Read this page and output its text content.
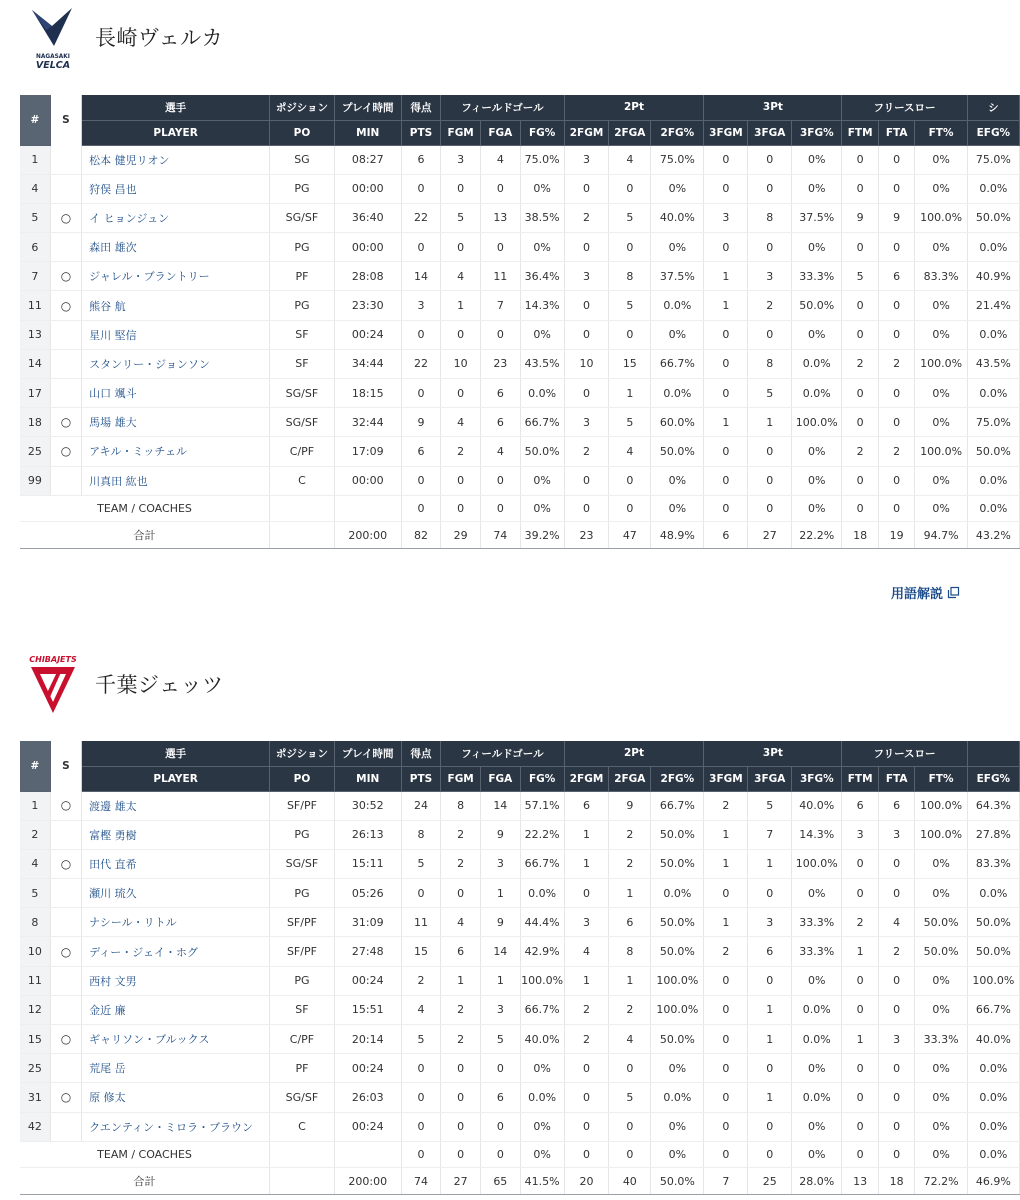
NAGASAKI
VELCA
長崎ヴェルカ
#	S	選手	ポジション	プレイ時間	得点	フィールドゴール			2Pt			3Pt			フリースロー			シ
		PLAYER	PO	MIN	PTS	FGM	FGA	FG%	2FGM	2FGA	2FG%	3FGM	3FGA	3FG%	FTM	FTA	FT%	EFG%
1		松本 健児リオン	SG	08:27	6	3	4	75.0%	3	4	75.0%	0	0	0%	0	0	0%	75.0%
4		狩俣 昌也	PG	00:00	0	0	0	0%	0	0	0%	0	0	0%	0	0	0%	0.0%
5	○	イ ヒョンジュン	SG/SF	36:40	22	5	13	38.5%	2	5	40.0%	3	8	37.5%	9	9	100.0%	50.0%
6		森田 雄次	PG	00:00	0	0	0	0%	0	0	0%	0	0	0%	0	0	0%	0.0%
7	○	ジャレル・ブラントリー	PF	28:08	14	4	11	36.4%	3	8	37.5%	1	3	33.3%	5	6	83.3%	40.9%
11	○	熊谷 航	PG	23:30	3	1	7	14.3%	0	5	0.0%	1	2	50.0%	0	0	0%	21.4%
13		星川 堅信	SF	00:24	0	0	0	0%	0	0	0%	0	0	0%	0	0	0%	0.0%
14		スタンリー・ジョンソン	SF	34:44	22	10	23	43.5%	10	15	66.7%	0	8	0.0%	2	2	100.0%	43.5%
17		山口 颯斗	SG/SF	18:15	0	0	6	0.0%	0	1	0.0%	0	5	0.0%	0	0	0%	0.0%
18	○	馬場 雄大	SG/SF	32:44	9	4	6	66.7%	3	5	60.0%	1	1	100.0%	0	0	0%	75.0%
25	○	アキル・ミッチェル	C/PF	17:09	6	2	4	50.0%	2	4	50.0%	0	0	0%	2	2	100.0%	50.0%
99		川真田 紘也	C	00:00	0	0	0	0%	0	0	0%	0	0	0%	0	0	0%	0.0%
TEAM / COACHES					0	0	0	0%	0	0	0%	0	0	0%	0	0	0%	0.0%
合計				200:00	82	29	74	39.2%	23	47	48.9%	6	27	22.2%	18	19	94.7%	43.2%
用語解説
CHIBAJETS
千葉ジェッツ
#	S	選手	ポジション	プレイ時間	得点	フィールドゴール			2Pt			3Pt			フリースロー			
		PLAYER	PO	MIN	PTS	FGM	FGA	FG%	2FGM	2FGA	2FG%	3FGM	3FGA	3FG%	FTM	FTA	FT%	EFG%
1	○	渡邊 雄太	SF/PF	30:52	24	8	14	57.1%	6	9	66.7%	2	5	40.0%	6	6	100.0%	64.3%
2		富樫 勇樹	PG	26:13	8	2	9	22.2%	1	2	50.0%	1	7	14.3%	3	3	100.0%	27.8%
4	○	田代 直希	SG/SF	15:11	5	2	3	66.7%	1	2	50.0%	1	1	100.0%	0	0	0%	83.3%
5		瀬川 琉久	PG	05:26	0	0	1	0.0%	0	1	0.0%	0	0	0%	0	0	0%	0.0%
8		ナシール・リトル	SF/PF	31:09	11	4	9	44.4%	3	6	50.0%	1	3	33.3%	2	4	50.0%	50.0%
10	○	ディー・ジェイ・ホグ	SF/PF	27:48	15	6	14	42.9%	4	8	50.0%	2	6	33.3%	1	2	50.0%	50.0%
11		西村 文男	PG	00:24	2	1	1	100.0%	1	1	100.0%	0	0	0%	0	0	0%	100.0%
12		金近 廉	SF	15:51	4	2	3	66.7%	2	2	100.0%	0	1	0.0%	0	0	0%	66.7%
15	○	ギャリソン・ブルックス	C/PF	20:14	5	2	5	40.0%	2	4	50.0%	0	1	0.0%	1	3	33.3%	40.0%
25		荒尾 岳	PF	00:24	0	0	0	0%	0	0	0%	0	0	0%	0	0	0%	0.0%
31	○	原 修太	SG/SF	26:03	0	0	6	0.0%	0	5	0.0%	0	1	0.0%	0	0	0%	0.0%
42		クエンティン・ミロラ・ブラウン	C	00:24	0	0	0	0%	0	0	0%	0	0	0%	0	0	0%	0.0%
TEAM / COACHES					0	0	0	0%	0	0	0%	0	0	0%	0	0	0%	0.0%
合計				200:00	74	27	65	41.5%	20	40	50.0%	7	25	28.0%	13	18	72.2%	46.9%
